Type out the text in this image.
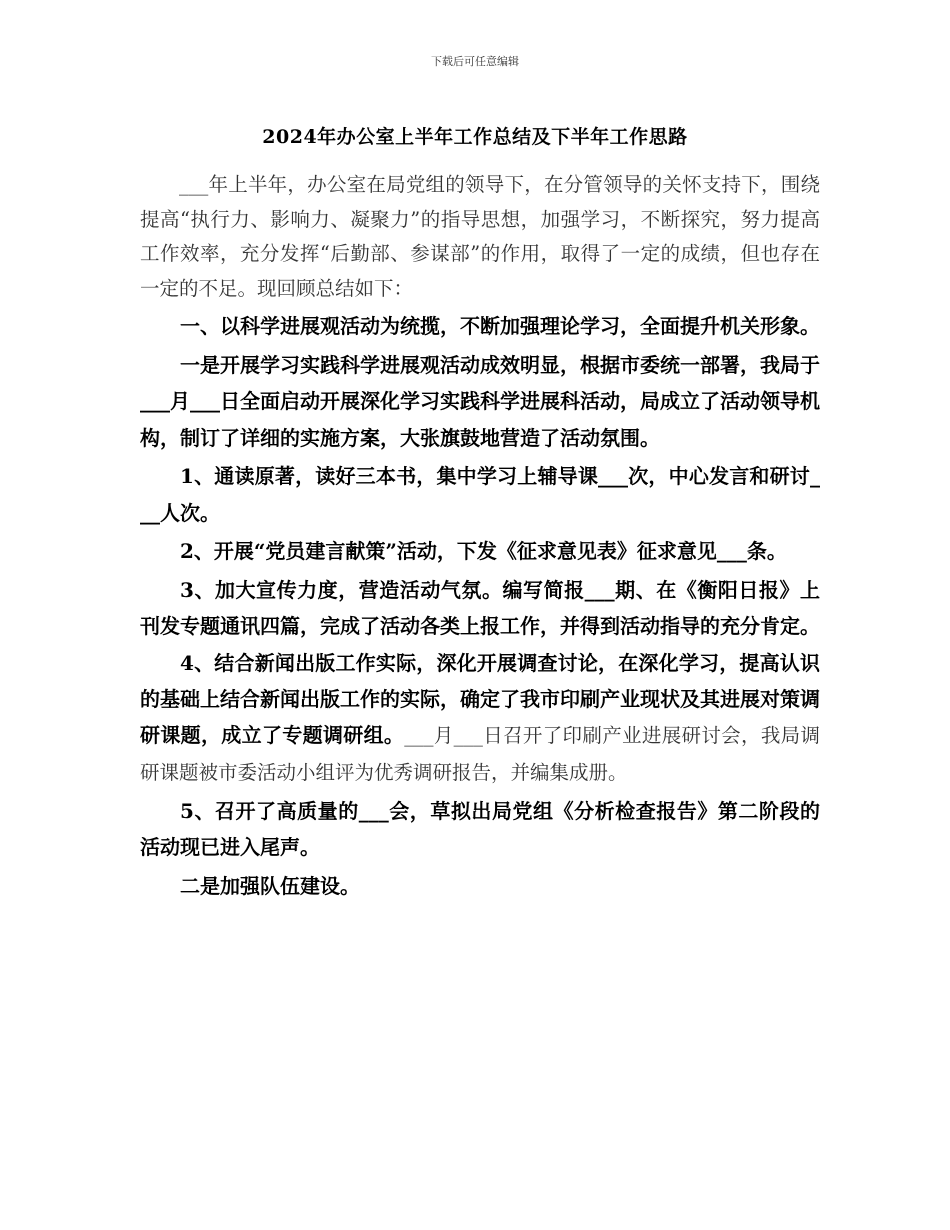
下载后可任意编辑
2024年办公室上半年工作总结及下半年工作思路

___年上半年，办公室在局党组的领导下，在分管领导的关怀支持下，围绕提高“执行力、影响力、凝聚力”的指导思想，加强学习，不断探究，努力提高工作效率，充分发挥“后勤部、参谋部”的作用，取得了一定的成绩，但也存在一定的不足。现回顾总结如下：

一、以科学进展观活动为统揽，不断加强理论学习，全面提升机关形象。

一是开展学习实践科学进展观活动成效明显，根据市委统一部署，我局于___月___日全面启动开展深化学习实践科学进展科活动，局成立了活动领导机构，制订了详细的实施方案，大张旗鼓地营造了活动氛围。

1、通读原著，读好三本书，集中学习上辅导课___次，中心发言和研讨___人次。

2、开展“党员建言献策”活动，下发《征求意见表》征求意见___条。

3、加大宣传力度，营造活动气氛。编写简报___期、在《衡阳日报》上刊发专题通讯四篇，完成了活动各类上报工作，并得到活动指导的充分肯定。

4、结合新闻出版工作实际，深化开展调查讨论，在深化学习，提高认识的基础上结合新闻出版工作的实际，确定了我市印刷产业现状及其进展对策调研课题，成立了专题调研组。___月___日召开了印刷产业进展研讨会，我局调研课题被市委活动小组评为优秀调研报告，并编集成册。

5、召开了高质量的___会，草拟出局党组《分析检查报告》第二阶段的活动现已进入尾声。

二是加强队伍建设。
